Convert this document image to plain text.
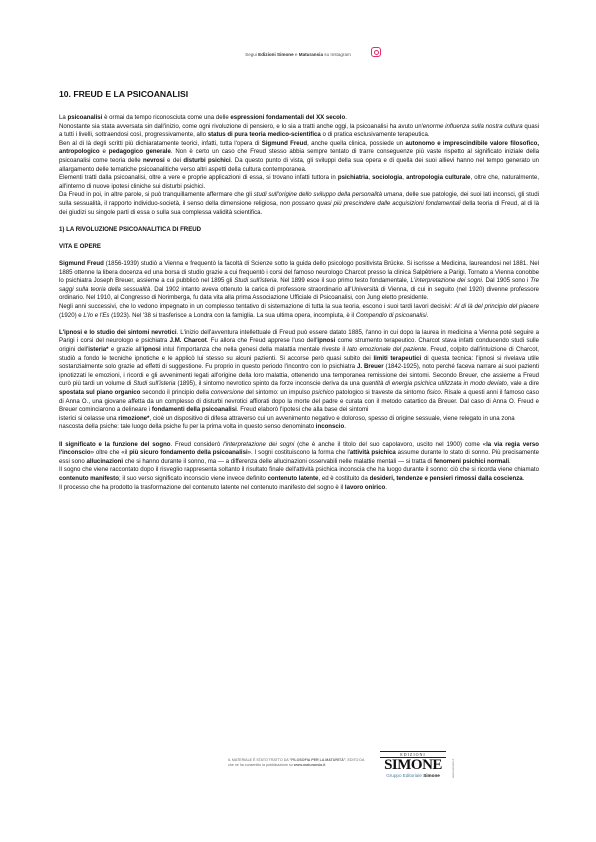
Segui Edizioni Simone e Maturansia su Instagram
10. FREUD E LA PSICOANALISI

La psicoanalisi è ormai da tempo riconosciuta come una delle espressioni fondamentali del XX secolo.

Nonostante sia stata avversata sin dall'inizio, come ogni rivoluzione di pensiero, e lo sia a tratti anche oggi, la psicoanalisi ha avuto un'enorme influenza sulla nostra cultura quasi a tutti i livelli, sottraendosi così, progressivamente, allo status di pura teoria medico-scientifica o di pratica esclusivamente terapeutica.

Ben al di là degli scritti più dichiaratamente teorici, infatti, tutta l'opera di Sigmund Freud, anche quella clinica, possiede un autonomo e imprescindibile valore filosofico, antropologico e pedagogico generale. Non è certo un caso che Freud stesso abbia sempre tentato di trarre conseguenze più vaste rispetto al significato iniziale della psicoanalisi come teoria delle nevrosi e dei disturbi psichici. Da questo punto di vista, gli sviluppi della sua opera e di quella dei suoi allievi hanno nel tempo generato un allargamento delle tematiche psicoanalitiche verso altri aspetti della cultura contemporanea.

Elementi tratti dalla psicoanalisi, oltre a vere e proprie applicazioni di essa, si trovano infatti tuttora in psichiatria, sociologia, antropologia culturale, oltre che, naturalmente, all'interno di nuove ipotesi cliniche sui disturbi psichici.

Da Freud in poi, in altre parole, si può tranquillamente affermare che gli studi sull'origine dello sviluppo della personalità umana, delle sue patologie, dei suoi lati inconsci, gli studi sulla sessualità, il rapporto individuo-società, il senso della dimensione religiosa, non possano quasi più prescindere dalle acquisizioni fondamentali della teoria di Freud, al di là dei giudizi su singole parti di essa o sulla sua complessa validità scientifica.

1) LA RIVOLUZIONE PSICOANALITICA DI FREUD
VITA E OPERE

Sigmund Freud (1856-1939) studiò a Vienna e frequentò la facoltà di Scienze sotto la guida dello psicologo positivista Brücke. Si iscrisse a Medicina, laureandosi nel 1881. Nel 1885 ottenne la libera docenza ed una borsa di studio grazie a cui frequentò i corsi del famoso neurologo Charcot presso la clinica Salpêtriere a Parigi. Tornato a Vienna conobbe lo psichiatra Joseph Breuer, assieme a cui pubblicò nel 1895 gli Studi sull'isteria. Nel 1899 esce il suo primo testo fondamentale, L'interpretazione dei sogni. Dal 1905 sono i Tre saggi sulla teoria della sessualità. Dal 1902 intanto aveva ottenuto la carica di professore straordinario all'Università di Vienna, di cui in seguito (nel 1920) divenne professore ordinario. Nel 1910, al Congresso di Norimberga, fu data vita alla prima Associazione Ufficiale di Psicoanalisi, con Jung eletto presidente.

Negli anni successivi, che lo vedono impegnato in un complesso tentativo di sistemazione di tutta la sua teoria, escono i suoi tardi lavori decisivi: Al di là del principio del piacere (1920) e L'Io e l'Es (1923). Nel '38 si trasferisce a Londra con la famiglia. La sua ultima opera, incompiuta, è il Compendio di psicoanalisi.

L'ipnosi e lo studio dei sintomi nevrotici. L'inizio dell'avventura intellettuale di Freud può essere datato 1885, l'anno in cui dopo la laurea in medicina a Vienna poté seguire a Parigi i corsi del neurologo e psichiatra J.M. Charcot. Fu allora che Freud apprese l'uso dell'ipnosi come strumento terapeutico. Charcot stava infatti conducendo studi sulle origini dell'isteria* e grazie all'ipnosi intuì l'importanza che nella genesi della malattia mentale riveste il lato emozionale del paziente. Freud, colpito dall'intuizione di Charcot, studiò a fondo le tecniche ipnotiche e le applicò lui stesso su alcuni pazienti. Si accorse però quasi subito dei limiti terapeutici di questa tecnica: l'ipnosi si rivelava utile sostanzialmente solo grazie ad effetti di suggestione. Fu proprio in questo periodo l'incontro con lo psichiatra J. Breuer (1842-1925), noto perché faceva narrare ai suoi pazienti ipnotizzati le emozioni, i ricordi e gli avvenimenti legati all'origine della loro malattia, ottenendo una temporanea remissione dei sintomi. Secondo Breuer, che assieme a Freud curò più tardi un volume di Studi sull'isteria (1895), il sintomo nevrotico spinto da forze inconscie deriva da una quantità di energia psichica utilizzata in modo deviato, vale a dire spostata sul piano organico secondo il principio della conversione del sintomo: un impulso psichico patologico si traveste da sintomo fisico. Risale a questi anni il famoso caso di Anna O., una giovane affetta da un complesso di disturbi nevrotici affiorati dopo la morte del padre e curata con il metodo catartico da Breuer. Dal caso di Anna O. Freud e Breuer cominciarono a delineare i fondamenti della psicoanalisi. Freud elaborò l'ipotesi che alla base dei sintomi

isterici si celasse una rimozione*, cioè un dispositivo di difesa attraverso cui un avvenimento negativo e doloroso, spesso di origine sessuale, viene relegato in una zona nascosta della psiche: tale luogo della psiche fu per la prima volta in questo senso denominato inconscio.

Il significato e la funzione del sogno. Freud considerò l'interpretazione dei sogni (che è anche il titolo del suo capolavoro, uscito nel 1900) come «la via regia verso l'inconscio» oltre che «il più sicuro fondamento della psicoanalisi». I sogni costituiscono la forma che l'attività psichica assume durante lo stato di sonno. Più precisamente essi sono allucinazioni che si hanno durante il sonno, ma — a differenza delle allucinazioni osservabili nelle malattie mentali — si tratta di fenomeni psichici normali.

Il sogno che viene raccontato dopo il risveglio rappresenta soltanto il risultato finale dell'attività psichica inconscia che ha luogo durante il sonno: ciò che si ricorda viene chiamato contenuto manifesto; il suo verso significato inconscio viene invece definito contenuto latente, ed è costituito da desideri, tendenze e pensieri rimossi dalla coscienza.

Il processo che ha prodotto la trasformazione del contenuto latente nel contenuto manifesto del sogno è il lavoro onirico.

IL MATERIALE È STATO TRATTO DA "FILOSOFIA PER LA MATURITÀ", EDITO DA
che ne ha consentito la pubblicazione su www.maturansia.it
EDIZIONI
SIMONE
Gruppo Editoriale Simone	www.simone.it
